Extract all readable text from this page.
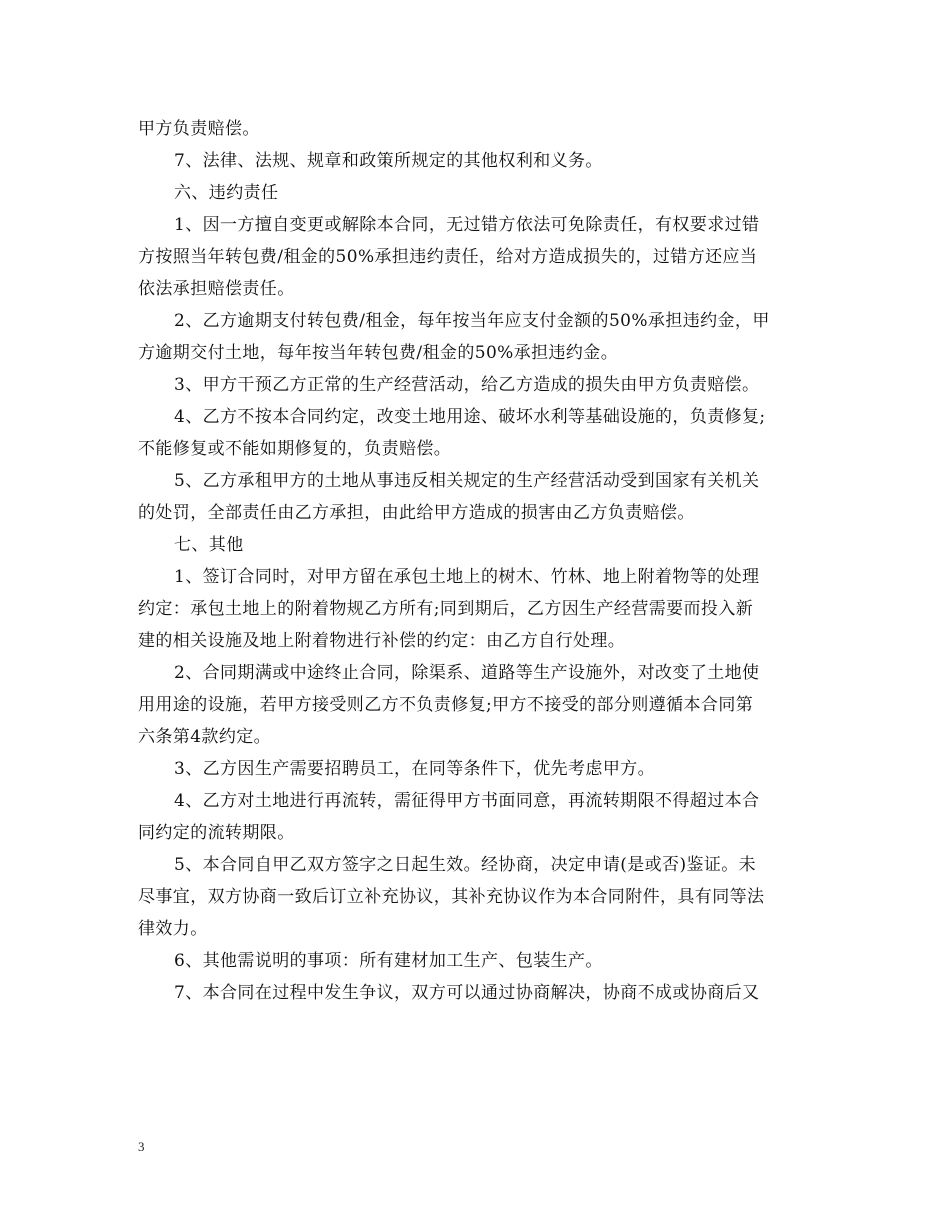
甲方负责赔偿。
7、法律、法规、规章和政策所规定的其他权利和义务。
六、违约责任
1、因一方擅自变更或解除本合同，无过错方依法可免除责任，有权要求过错
方按照当年转包费/租金的50%承担违约责任，给对方造成损失的，过错方还应当
依法承担赔偿责任。
2、乙方逾期支付转包费/租金，每年按当年应支付金额的50%承担违约金，甲
方逾期交付土地，每年按当年转包费/租金的50%承担违约金。
3、甲方干预乙方正常的生产经营活动，给乙方造成的损失由甲方负责赔偿。
4、乙方不按本合同约定，改变土地用途、破坏水利等基础设施的，负责修复;
不能修复或不能如期修复的，负责赔偿。
5、乙方承租甲方的土地从事违反相关规定的生产经营活动受到国家有关机关
的处罚，全部责任由乙方承担，由此给甲方造成的损害由乙方负责赔偿。
七、其他
1、签订合同时，对甲方留在承包土地上的树木、竹林、地上附着物等的处理
约定：承包土地上的附着物规乙方所有;同到期后，乙方因生产经营需要而投入新
建的相关设施及地上附着物进行补偿的约定：由乙方自行处理。
2、合同期满或中途终止合同，除渠系、道路等生产设施外，对改变了土地使
用用途的设施，若甲方接受则乙方不负责修复;甲方不接受的部分则遵循本合同第
六条第4款约定。
3、乙方因生产需要招聘员工，在同等条件下，优先考虑甲方。
4、乙方对土地进行再流转，需征得甲方书面同意，再流转期限不得超过本合
同约定的流转期限。
5、本合同自甲乙双方签字之日起生效。经协商，决定申请(是或否)鉴证。未
尽事宜，双方协商一致后订立补充协议，其补充协议作为本合同附件，具有同等法
律效力。
6、其他需说明的事项：所有建材加工生产、包装生产。
7、本合同在过程中发生争议，双方可以通过协商解决，协商不成或协商后又
3
